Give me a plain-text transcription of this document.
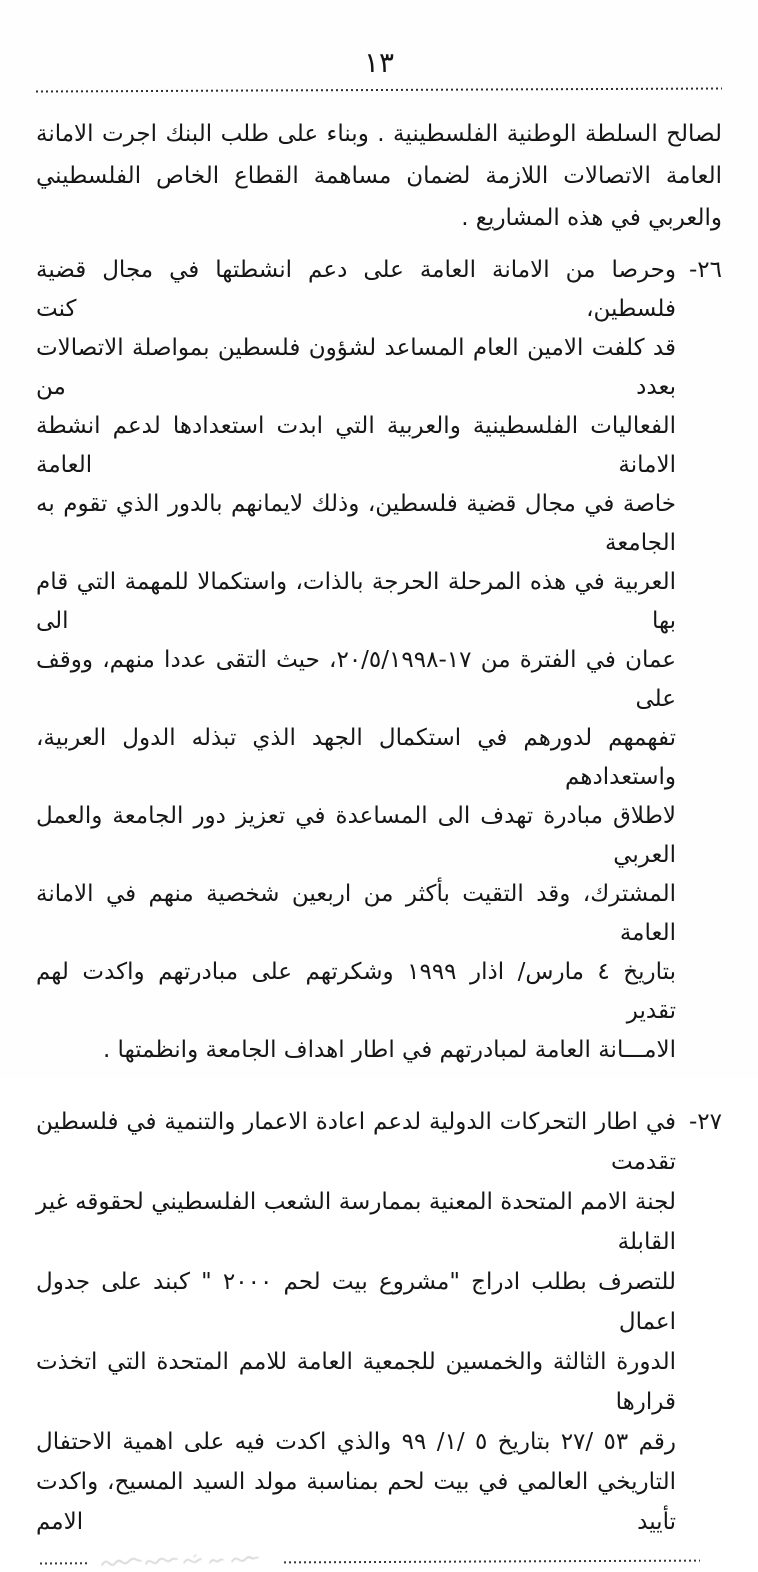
١٣
لصالح السلطة الوطنية الفلسطينية . وبناء على طلب البنك اجرت الامانة
العامة الاتصالات اللازمة لضمان مساهمة القطاع الخاص الفلسطيني
والعربي في هذه المشاريع .
٢٦-
وحرصا من الامانة العامة على دعم انشطتها في مجال قضية فلسطين، كنت
قد كلفت الامين العام المساعد لشؤون فلسطين بمواصلة الاتصالات بعدد من
الفعاليات الفلسطينية والعربية التي ابدت استعدادها لدعم انشطة الامانة العامة
خاصة في مجال قضية فلسطين، وذلك لايمانهم بالدور الذي تقوم به الجامعة
العربية في هذه المرحلة الحرجة بالذات، واستكمالا للمهمة التي قام بها الى
عمان في الفترة من ١٧-٢٠/٥/١٩٩٨، حيث التقى عددا منهم، ووقف على
تفهمهم لدورهم في استكمال الجهد الذي تبذله الدول العربية، واستعدادهم
لاطلاق مبادرة تهدف الى المساعدة في تعزيز دور الجامعة والعمل العربي
المشترك، وقد التقيت بأكثر من اربعين شخصية منهم في الامانة العامة
بتاريخ ٤ مارس/ اذار ١٩٩٩ وشكرتهم على مبادرتهم واكدت لهم تقدير
الامـــانة العامة لمبادرتهم في اطار اهداف الجامعة وانظمتها .
٢٧-
في اطار التحركات الدولية لدعم اعادة الاعمار والتنمية في فلسطين تقدمت
لجنة الامم المتحدة المعنية بممارسة الشعب الفلسطيني لحقوقه غير القابلة
للتصرف بطلب ادراج "مشروع بيت لحم ٢٠٠٠ " كبند على جدول اعمال
الدورة الثالثة والخمسين للجمعية العامة للامم المتحدة التي اتخذت قرارها
رقم ٥٣ /٢٧ بتاريخ ٥ /١/ ٩٩ والذي اكدت فيه على اهمية الاحتفال
التاريخي العالمي في بيت لحم بمناسبة مولد السيد المسيح، واكدت تأييد الامم
